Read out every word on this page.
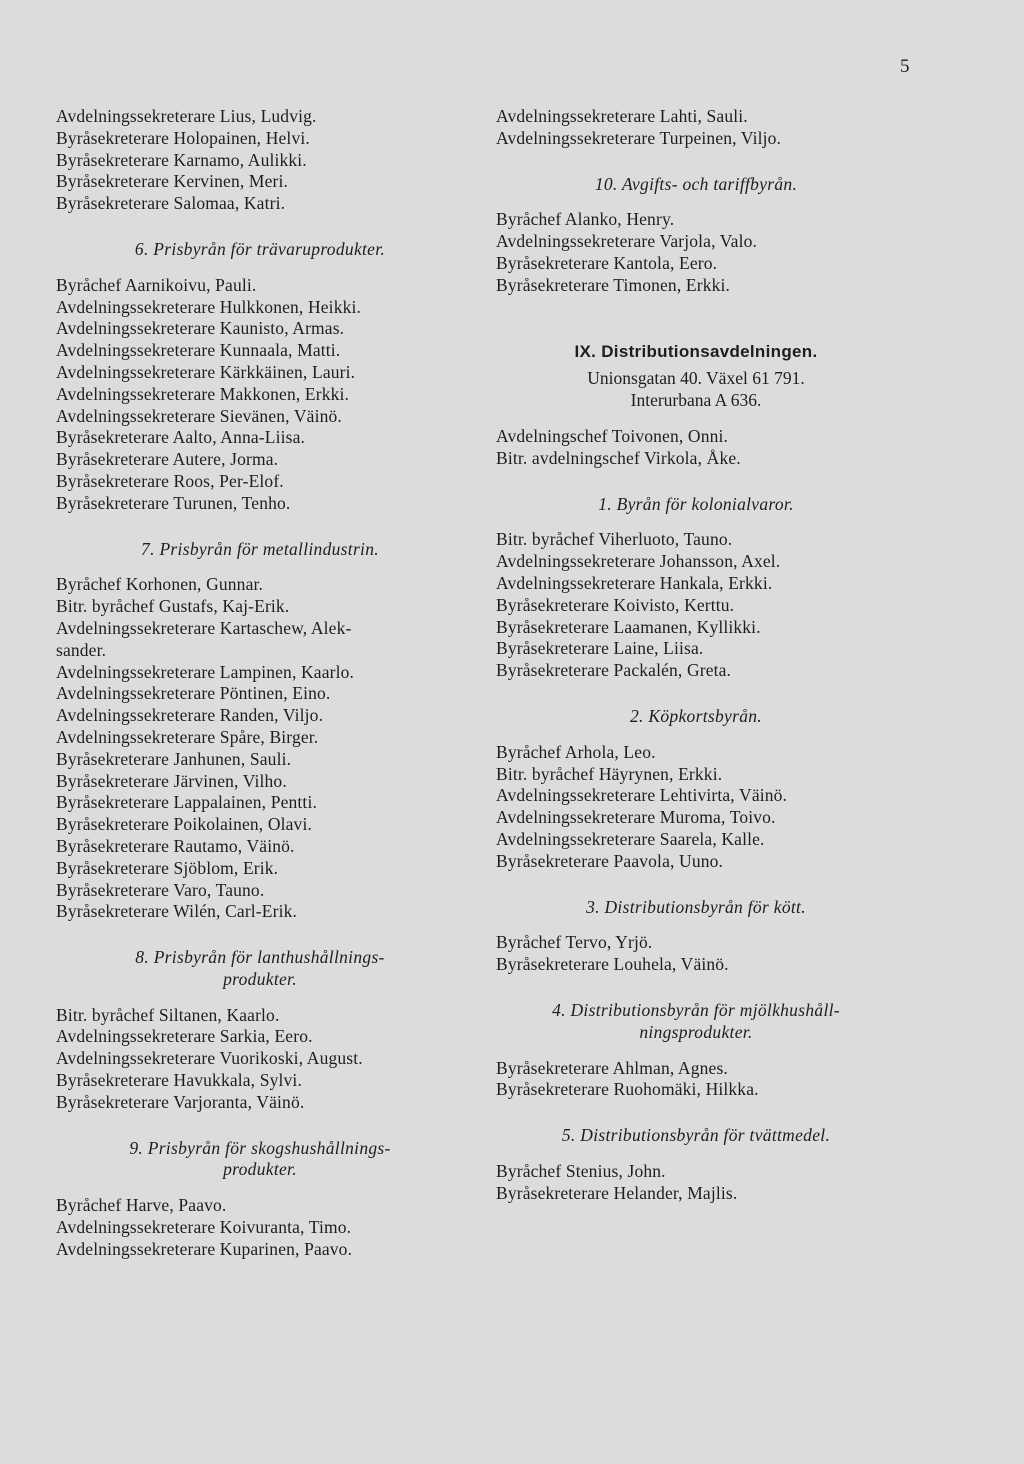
5
Avdelningssekreterare Lius, Ludvig.
Byråsekreterare Holopainen, Helvi.
Byråsekreterare Karnamo, Aulikki.
Byråsekreterare Kervinen, Meri.
Byråsekreterare Salomaa, Katri.
6. Prisbyrån för trävaruprodukter.
Byråchef Aarnikoivu, Pauli.
Avdelningssekreterare Hulkkonen, Heikki.
Avdelningssekreterare Kaunisto, Armas.
Avdelningssekreterare Kunnaala, Matti.
Avdelningssekreterare Kärkkäinen, Lauri.
Avdelningssekreterare Makkonen, Erkki.
Avdelningssekreterare Sievänen, Väinö.
Byråsekreterare Aalto, Anna-Liisa.
Byråsekreterare Autere, Jorma.
Byråsekreterare Roos, Per-Elof.
Byråsekreterare Turunen, Tenho.
7. Prisbyrån för metallindustrin.
Byråchef Korhonen, Gunnar.
Bitr. byråchef Gustafs, Kaj-Erik.
Avdelningssekreterare Kartaschew, Alek-
sander.
Avdelningssekreterare Lampinen, Kaarlo.
Avdelningssekreterare Pöntinen, Eino.
Avdelningssekreterare Randen, Viljo.
Avdelningssekreterare Spåre, Birger.
Byråsekreterare Janhunen, Sauli.
Byråsekreterare Järvinen, Vilho.
Byråsekreterare Lappalainen, Pentti.
Byråsekreterare Poikolainen, Olavi.
Byråsekreterare Rautamo, Väinö.
Byråsekreterare Sjöblom, Erik.
Byråsekreterare Varo, Tauno.
Byråsekreterare Wilén, Carl-Erik.
8. Prisbyrån för lanthushållnings-
produkter.
Bitr. byråchef Siltanen, Kaarlo.
Avdelningssekreterare Sarkia, Eero.
Avdelningssekreterare Vuorikoski, August.
Byråsekreterare Havukkala, Sylvi.
Byråsekreterare Varjoranta, Väinö.
9. Prisbyrån för skogshushållnings-
produkter.
Byråchef Harve, Paavo.
Avdelningssekreterare Koivuranta, Timo.
Avdelningssekreterare Kuparinen, Paavo.
Avdelningssekreterare Lahti, Sauli.
Avdelningssekreterare Turpeinen, Viljo.
10. Avgifts- och tariffbyrån.
Byråchef Alanko, Henry.
Avdelningssekreterare Varjola, Valo.
Byråsekreterare Kantola, Eero.
Byråsekreterare Timonen, Erkki.
IX. Distributionsavdelningen.
Unionsgatan 40. Växel 61 791.
Interurbana A 636.
Avdelningschef Toivonen, Onni.
Bitr. avdelningschef Virkola, Åke.
1. Byrån för kolonialvaror.
Bitr. byråchef Viherluoto, Tauno.
Avdelningssekreterare Johansson, Axel.
Avdelningssekreterare Hankala, Erkki.
Byråsekreterare Koivisto, Kerttu.
Byråsekreterare Laamanen, Kyllikki.
Byråsekreterare Laine, Liisa.
Byråsekreterare Packalén, Greta.
2. Köpkortsbyrån.
Byråchef Arhola, Leo.
Bitr. byråchef Häyrynen, Erkki.
Avdelningssekreterare Lehtivirta, Väinö.
Avdelningssekreterare Muroma, Toivo.
Avdelningssekreterare Saarela, Kalle.
Byråsekreterare Paavola, Uuno.
3. Distributionsbyrån för kött.
Byråchef Tervo, Yrjö.
Byråsekreterare Louhela, Väinö.
4. Distributionsbyrån för mjölkhushåll-
ningsprodukter.
Byråsekreterare Ahlman, Agnes.
Byråsekreterare Ruohomäki, Hilkka.
5. Distributionsbyrån för tvättmedel.
Byråchef Stenius, John.
Byråsekreterare Helander, Majlis.
